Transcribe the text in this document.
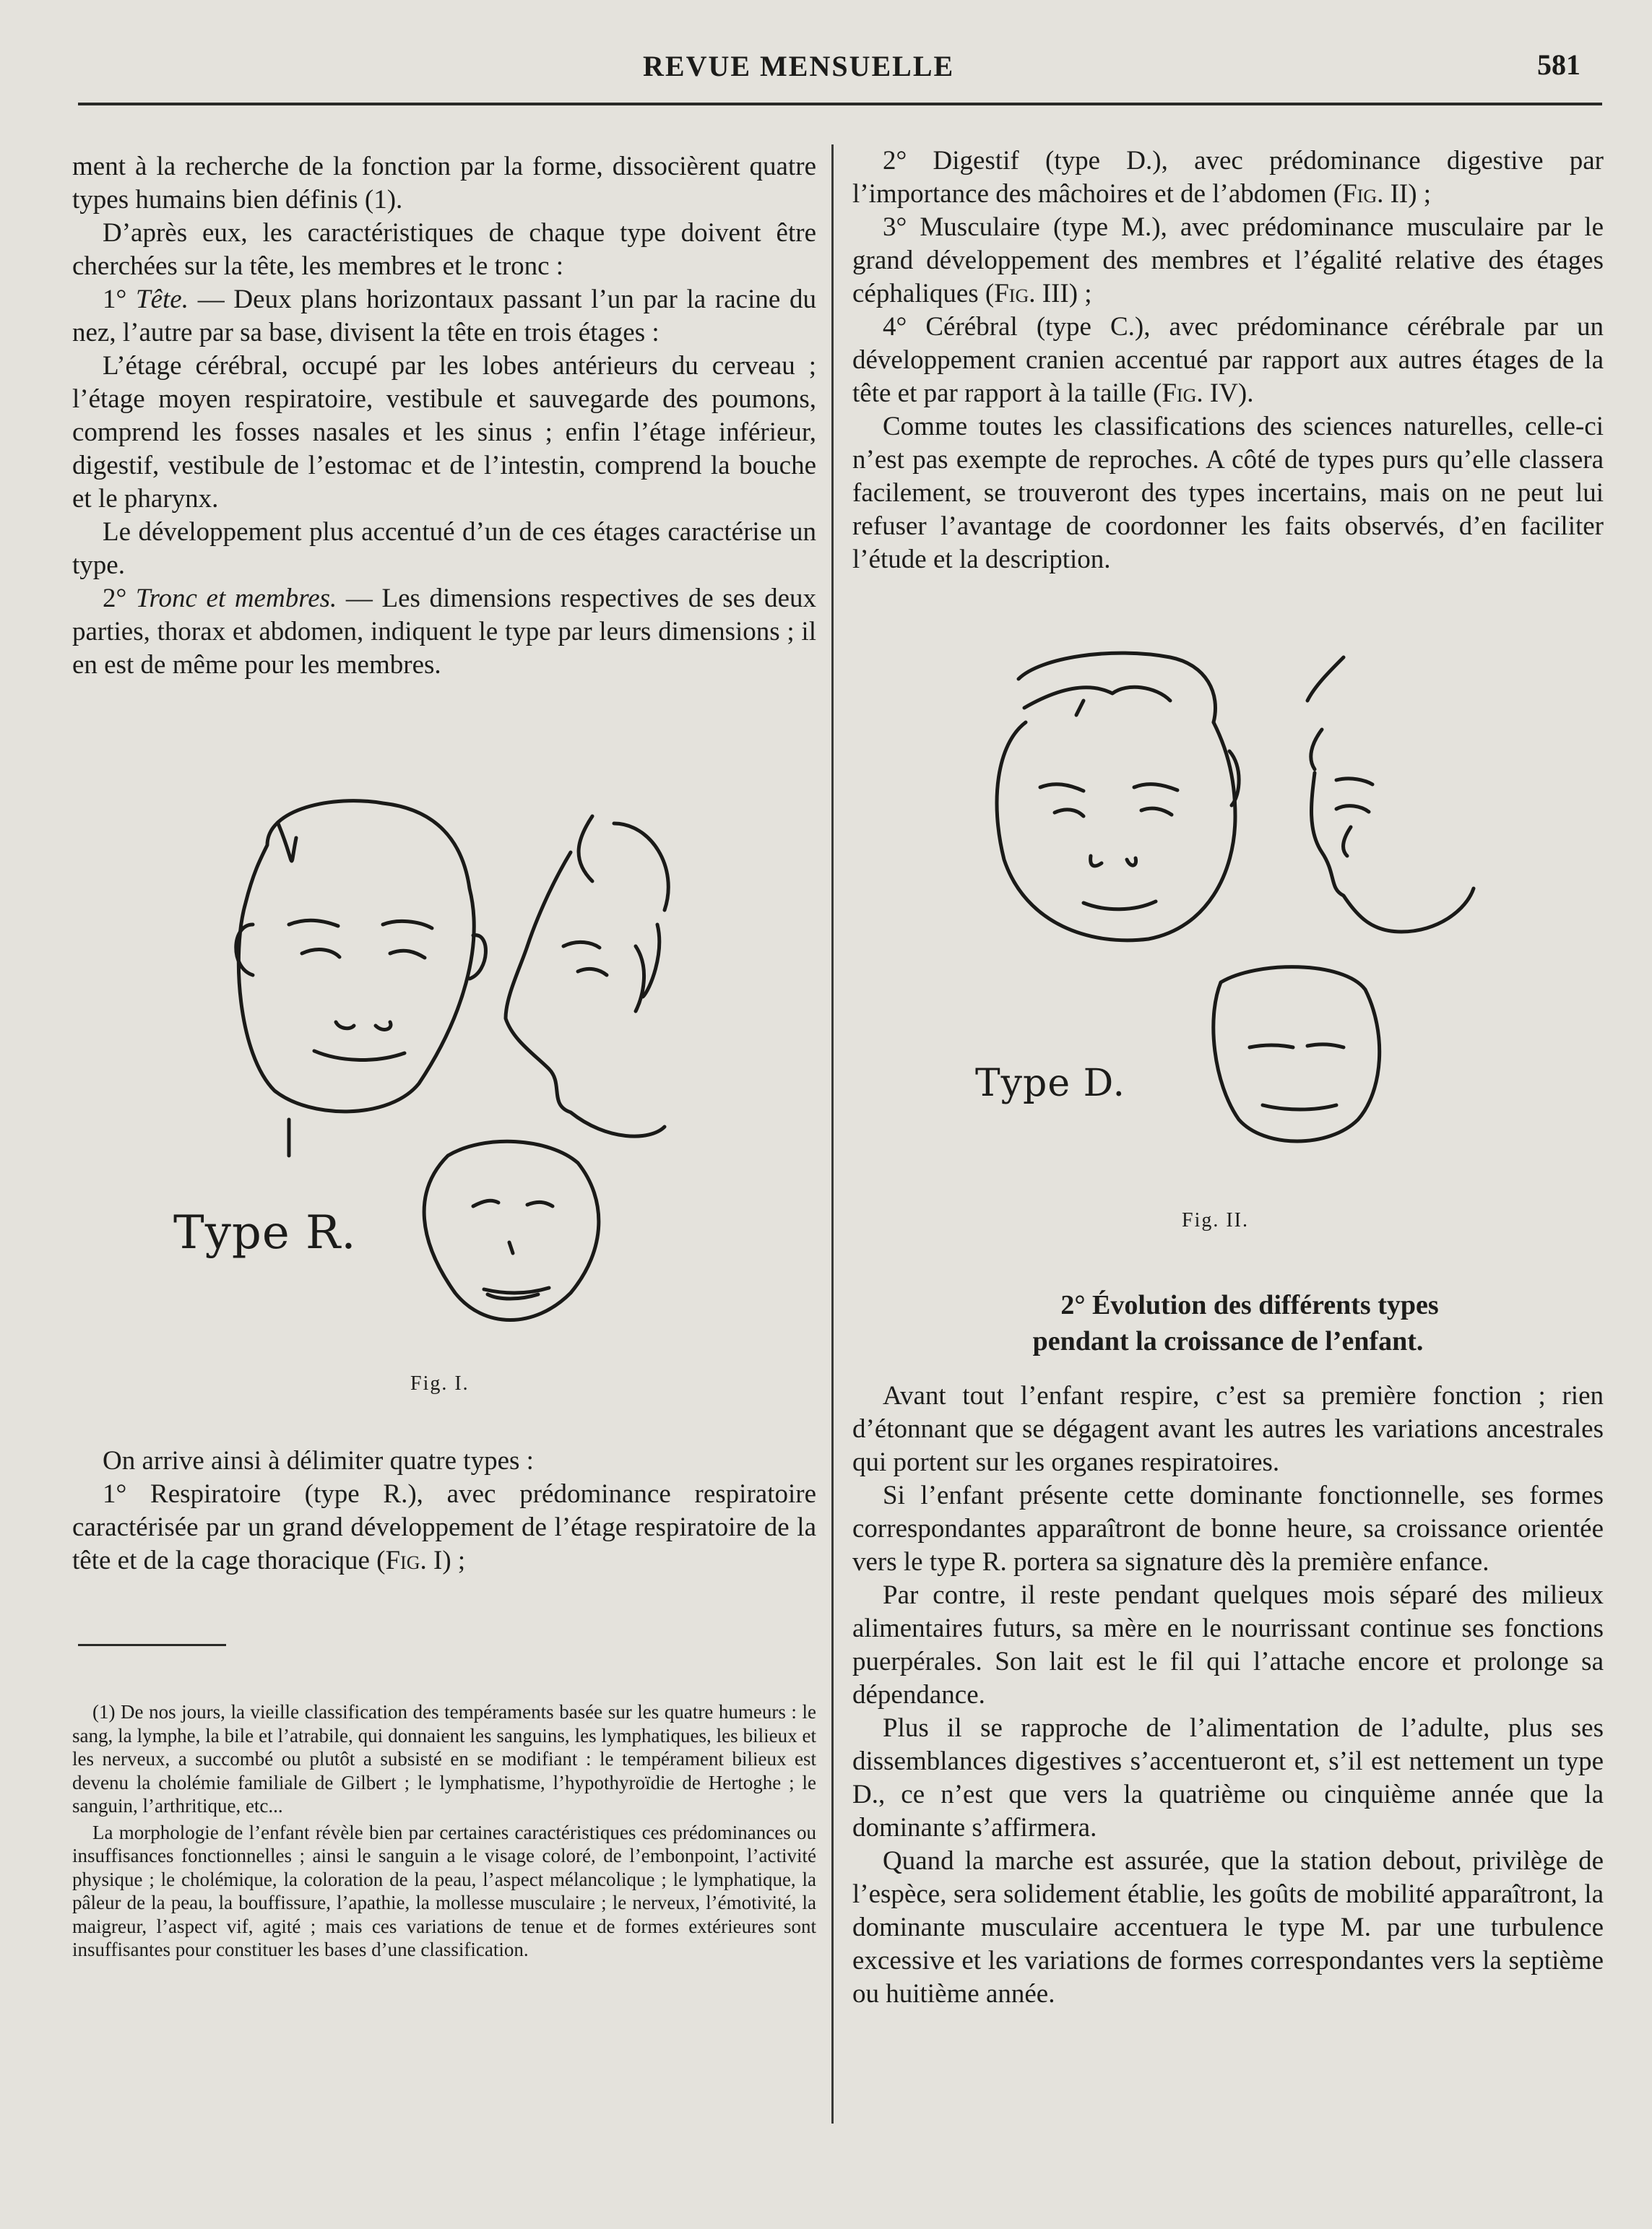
REVUE MENSUELLE	581

ment à la recherche de la fonction par la forme, dissocièrent quatre types humains bien définis (1).

D’après eux, les caractéristiques de chaque type doivent être cherchées sur la tête, les membres et le tronc :

1° Tête. — Deux plans horizontaux passant l’un par la racine du nez, l’autre par sa base, divisent la tête en trois étages :

L’étage cérébral, occupé par les lobes antérieurs du cerveau ; l’étage moyen respiratoire, vestibule et sauvegarde des poumons, comprend les fosses nasales et les sinus ; enfin l’étage inférieur, digestif, vestibule de l’estomac et de l’intestin, comprend la bouche et le pharynx.

Le développement plus accentué d’un de ces étages caractérise un type.

2° Tronc et membres. — Les dimensions respectives de ses deux parties, thorax et abdomen, indiquent le type par leurs dimensions ; il en est de même pour les membres.

Type R.
Fig. I.

On arrive ainsi à délimiter quatre types :

1° Respiratoire (type R.), avec prédominance respiratoire caractérisée par un grand développement de l’étage respiratoire de la tête et de la cage thoracique (Fig. I) ;

(1) De nos jours, la vieille classification des tempéraments basée sur les quatre humeurs : le sang, la lymphe, la bile et l’atrabile, qui donnaient les sanguins, les lymphatiques, les bilieux et les nerveux, a succombé ou plutôt a subsisté en se modifiant : le tempérament bilieux est devenu la cholémie familiale de Gilbert ; le lymphatisme, l’hypothyroïdie de Hertoghe ; le sanguin, l’arthritique, etc...

La morphologie de l’enfant révèle bien par certaines caractéristiques ces prédominances ou insuffisances fonctionnelles ; ainsi le sanguin a le visage coloré, de l’embonpoint, l’activité physique ; le cholémique, la coloration de la peau, l’aspect mélancolique ; le lymphatique, la pâleur de la peau, la bouffissure, l’apathie, la mollesse musculaire ; le nerveux, l’émotivité, la maigreur, l’aspect vif, agité ; mais ces variations de tenue et de formes extérieures sont insuffisantes pour constituer les bases d’une classification.

2° Digestif (type D.), avec prédominance digestive par l’importance des mâchoires et de l’abdomen (Fig. II) ;

3° Musculaire (type M.), avec prédominance musculaire par le grand développement des membres et l’égalité relative des étages céphaliques (Fig. III) ;

4° Cérébral (type C.), avec prédominance cérébrale par un développement cranien accentué par rapport aux autres étages de la tête et par rapport à la taille (Fig. IV).

Comme toutes les classifications des sciences naturelles, celle-ci n’est pas exempte de reproches. A côté de types purs qu’elle classera facilement, se trouveront des types incertains, mais on ne peut lui refuser l’avantage de coordonner les faits observés, d’en faciliter l’étude et la description.

Type D.
Fig. II.
2° Évolution des différents types
pendant la croissance de l’enfant.

Avant tout l’enfant respire, c’est sa première fonction ; rien d’étonnant que se dégagent avant les autres les variations ancestrales qui portent sur les organes respiratoires.

Si l’enfant présente cette dominante fonctionnelle, ses formes correspondantes apparaîtront de bonne heure, sa croissance orientée vers le type R. portera sa signature dès la première enfance.

Par contre, il reste pendant quelques mois séparé des milieux alimentaires futurs, sa mère en le nourrissant continue ses fonctions puerpérales. Son lait est le fil qui l’attache encore et prolonge sa dépendance.

Plus il se rapproche de l’alimentation de l’adulte, plus ses dissemblances digestives s’accentueront et, s’il est nettement un type D., ce n’est que vers la quatrième ou cinquième année que la dominante s’affirmera.

Quand la marche est assurée, que la station debout, privilège de l’espèce, sera solidement établie, les goûts de mobilité apparaîtront, la dominante musculaire accentuera le type M. par une turbulence excessive et les variations de formes correspondantes vers la septième ou huitième année.
